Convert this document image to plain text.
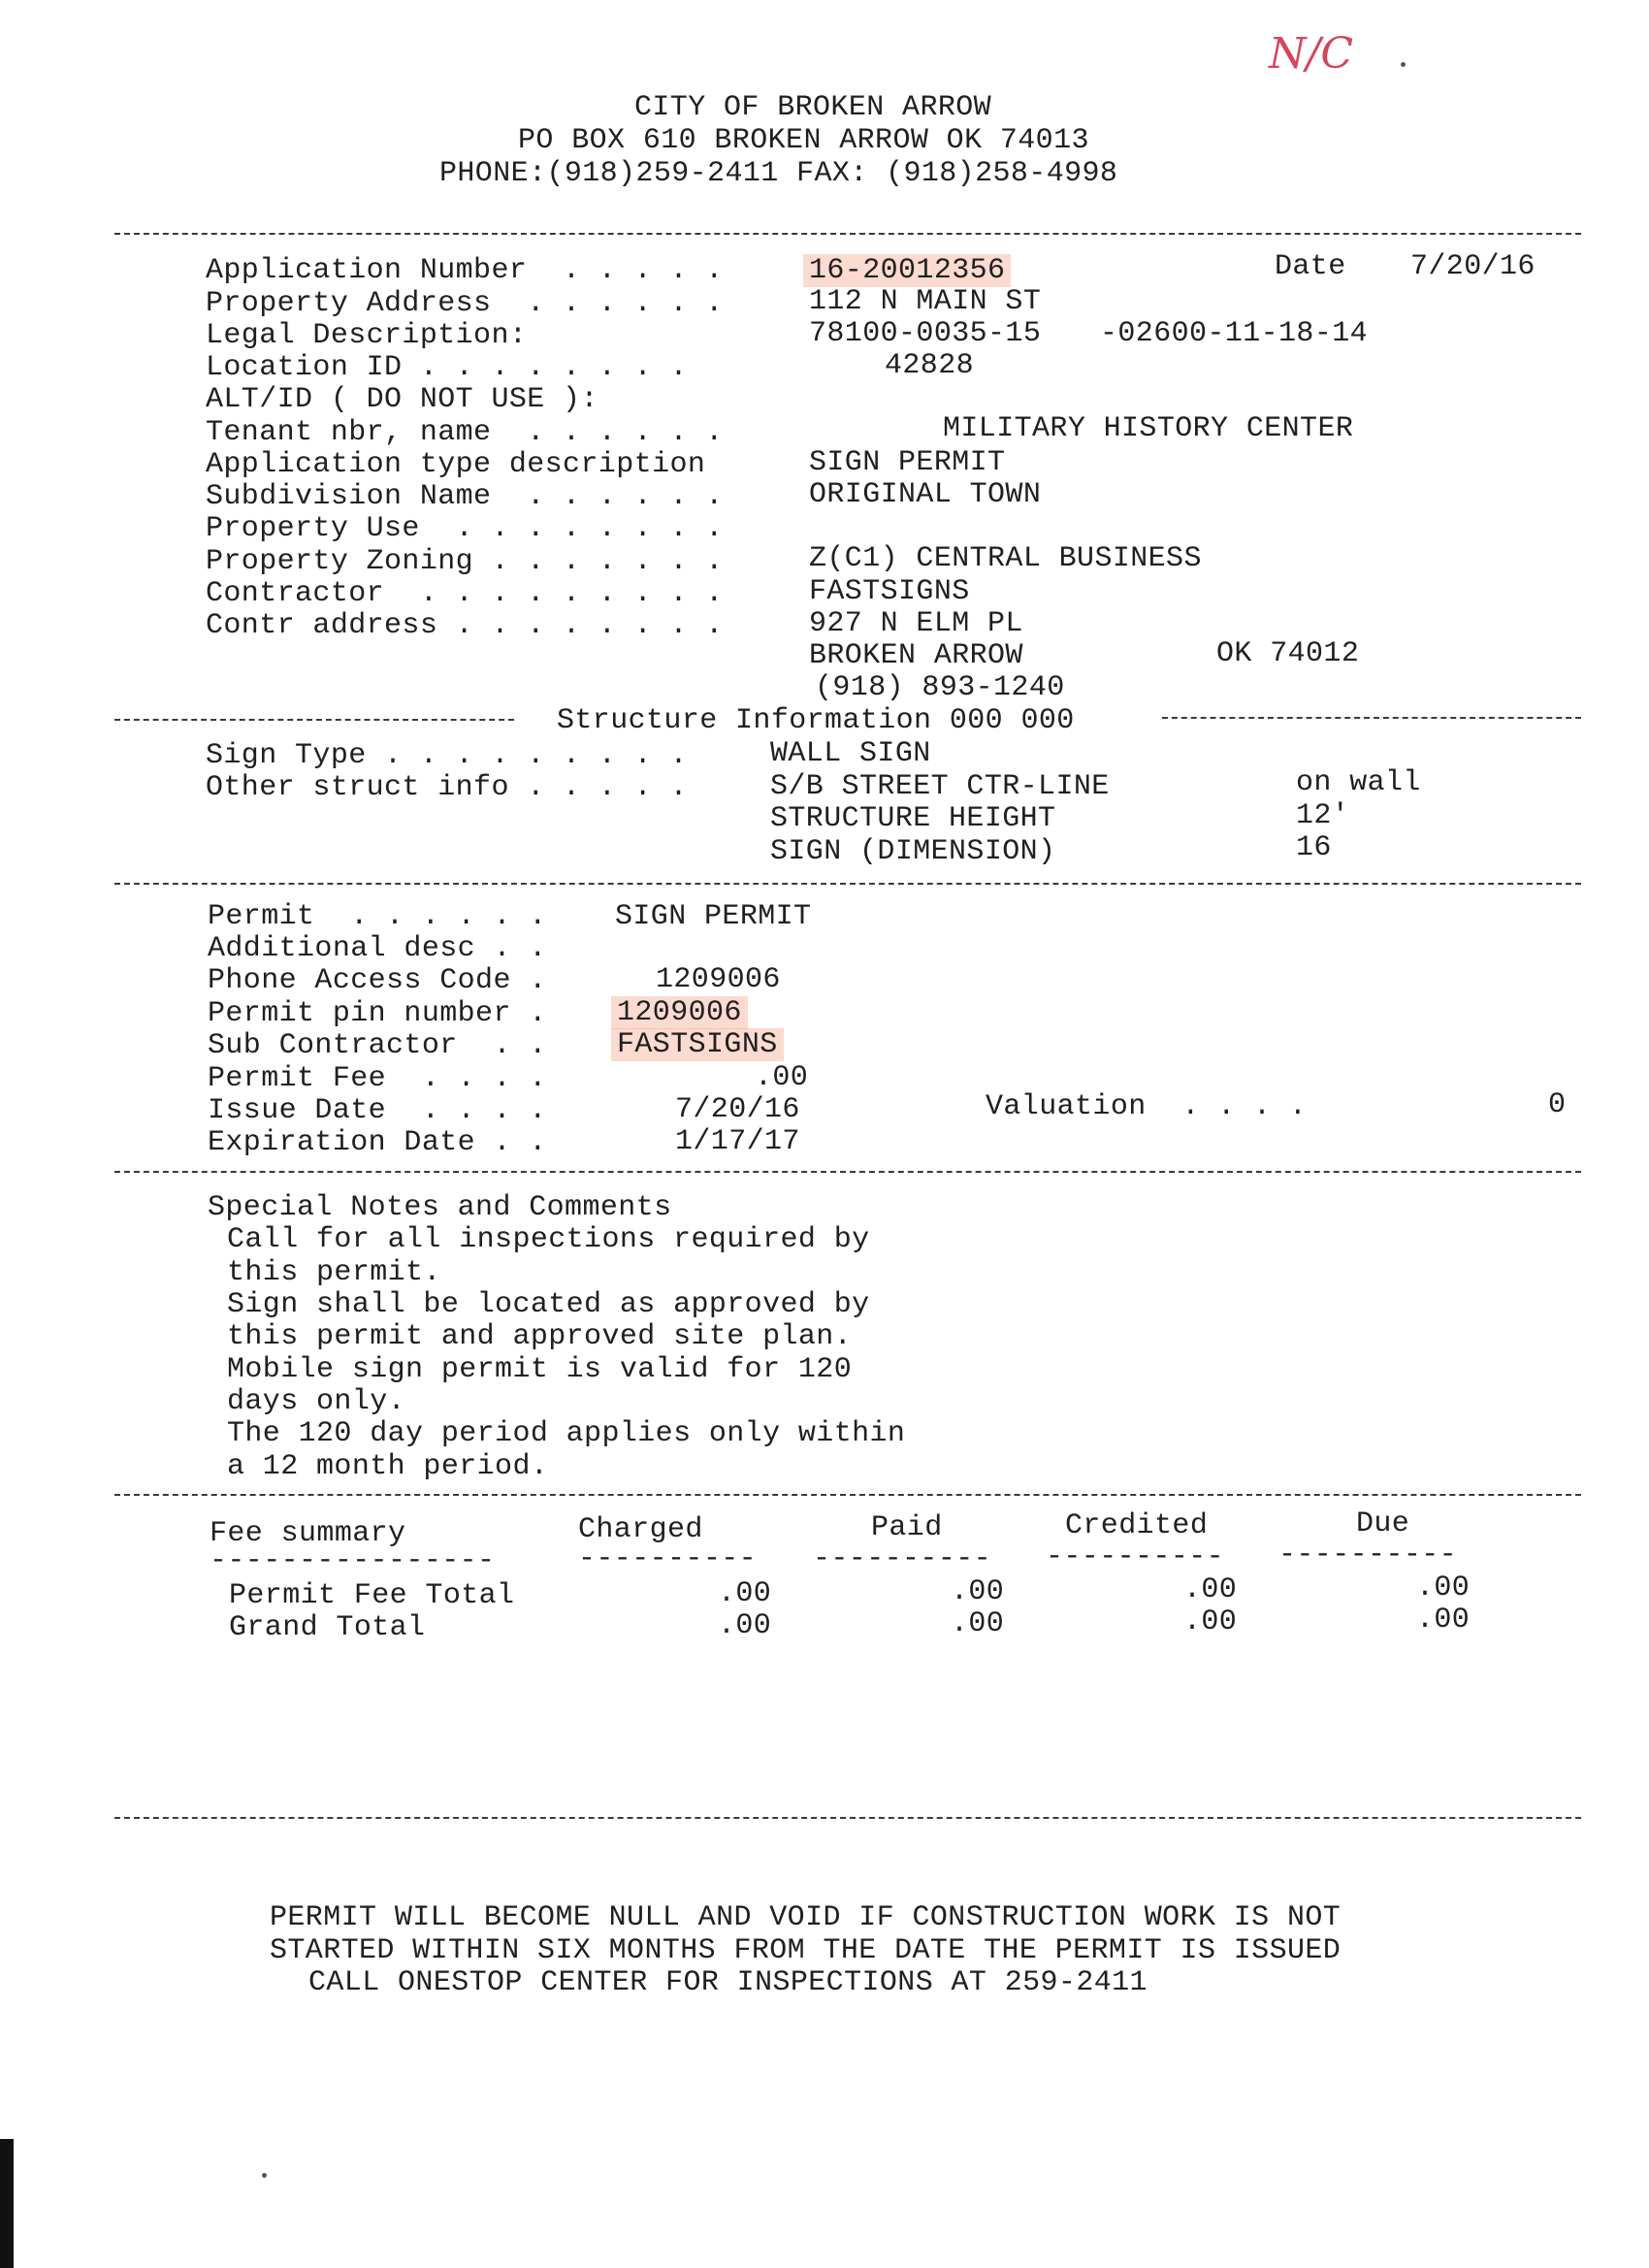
N/C
CITY OF BROKEN ARROW
PO BOX 610 BROKEN ARROW OK 74013
PHONE:(918)259-2411 FAX: (918)258-4998
Application Number  . . . . .	16-20012356	Date 7/20/16
Property Address  . . . . . .	112 N MAIN ST
Legal Description:	78100-0035-15 -02600-11-18-14
Location ID . . . . . . . .	42828
ALT/ID ( DO NOT USE ):
Tenant nbr, name  . . . . . .	MILITARY HISTORY CENTER
Application type description	SIGN PERMIT
Subdivision Name  . . . . . .	ORIGINAL TOWN
Property Use  . . . . . . . .
Property Zoning . . . . . . .	Z(C1) CENTRAL BUSINESS
Contractor  . . . . . . . . .	FASTSIGNS
Contr address . . . . . . . .	927 N ELM PL
BROKEN ARROW	OK 74012
(918) 893-1240
Structure Information 000 000
Sign Type . . . . . . . . .	WALL SIGN
Other struct info . . . . .	S/B STREET CTR-LINE	on wall
STRUCTURE HEIGHT	12'
SIGN (DIMENSION)	16
Permit  . . . . . . SIGN PERMIT
Additional desc . .
Phone Access Code .	1209006
Permit pin number . 1209006
Sub Contractor  . . FASTSIGNS
Permit Fee  . . . .	.00
Issue Date  . . . .	7/20/16	Valuation  . . . .	0
Expiration Date . .	1/17/17
Special Notes and Comments
Call for all inspections required by
this permit.
Sign shall be located as approved by
this permit and approved site plan.
Mobile sign permit is valid for 120
days only.
The 120 day period applies only within
a 12 month period.
Fee summary	Charged	Paid	Credited	Due
----------------	---------- ---------- ---------- ----------
Permit Fee Total	.00	.00	.00	.00
Grand Total	.00	.00	.00	.00
PERMIT WILL BECOME NULL AND VOID IF CONSTRUCTION WORK IS NOT
STARTED WITHIN SIX MONTHS FROM THE DATE THE PERMIT IS ISSUED
CALL ONESTOP CENTER FOR INSPECTIONS AT 259-2411
